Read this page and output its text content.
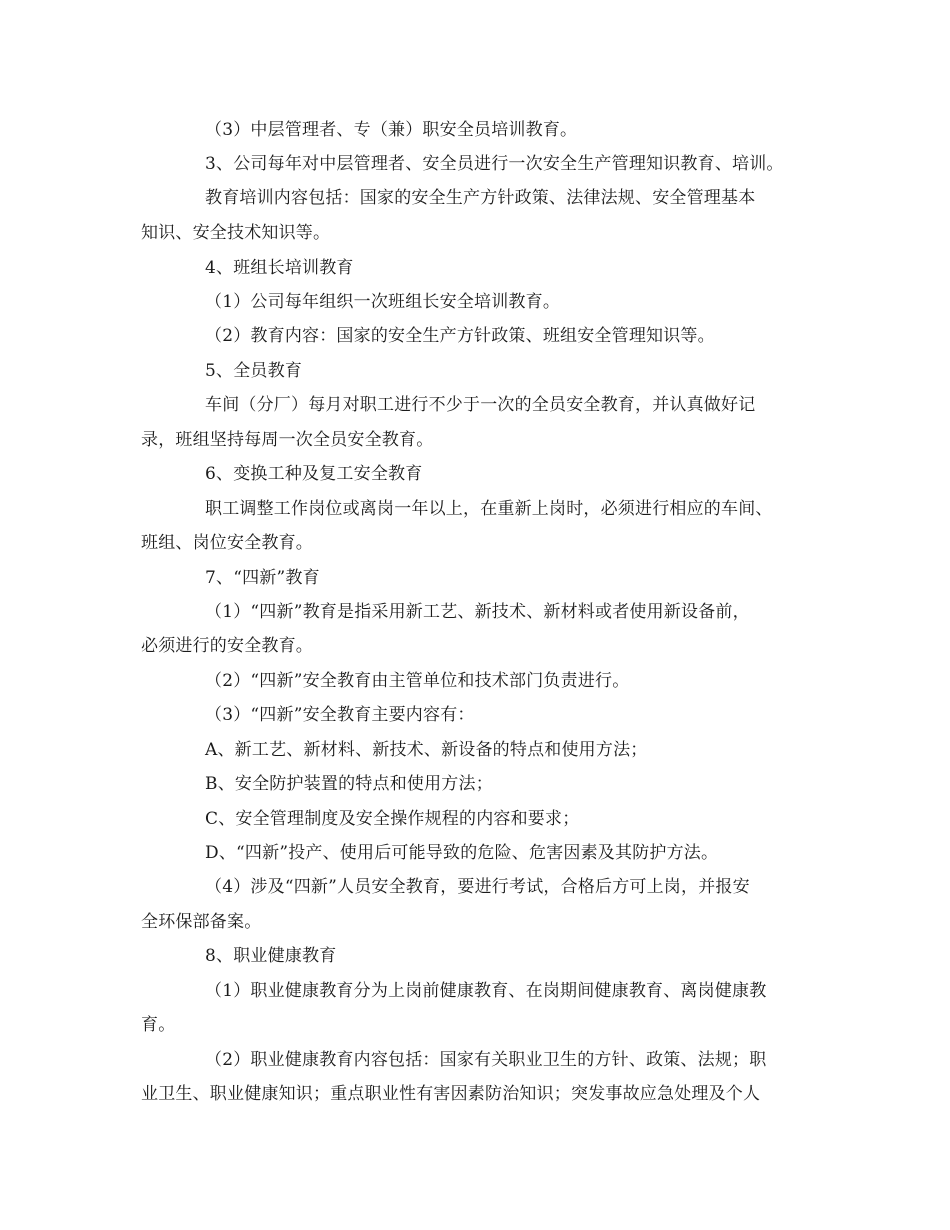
（3）中层管理者、专（兼）职安全员培训教育。
3、公司每年对中层管理者、安全员进行一次安全生产管理知识教育、培训。
教育培训内容包括：国家的安全生产方针政策、法律法规、安全管理基本
知识、安全技术知识等。
4、班组长培训教育
（1）公司每年组织一次班组长安全培训教育。
（2）教育内容：国家的安全生产方针政策、班组安全管理知识等。
5、全员教育
车间（分厂）每月对职工进行不少于一次的全员安全教育，并认真做好记
录，班组坚持每周一次全员安全教育。
6、变换工种及复工安全教育
职工调整工作岗位或离岗一年以上，在重新上岗时，必须进行相应的车间、
班组、岗位安全教育。
7、“四新”教育
（1）“四新”教育是指采用新工艺、新技术、新材料或者使用新设备前，
必须进行的安全教育。
（2）“四新”安全教育由主管单位和技术部门负责进行。
（3）“四新”安全教育主要内容有：
A、新工艺、新材料、新技术、新设备的特点和使用方法；
B、安全防护装置的特点和使用方法；
C、安全管理制度及安全操作规程的内容和要求；
D、“四新”投产、使用后可能导致的危险、危害因素及其防护方法。
（4）涉及“四新”人员安全教育，要进行考试，合格后方可上岗，并报安
全环保部备案。
8、职业健康教育
（1）职业健康教育分为上岗前健康教育、在岗期间健康教育、离岗健康教
育。
（2）职业健康教育内容包括：国家有关职业卫生的方针、政策、法规；职
业卫生、职业健康知识；重点职业性有害因素防治知识；突发事故应急处理及个人
